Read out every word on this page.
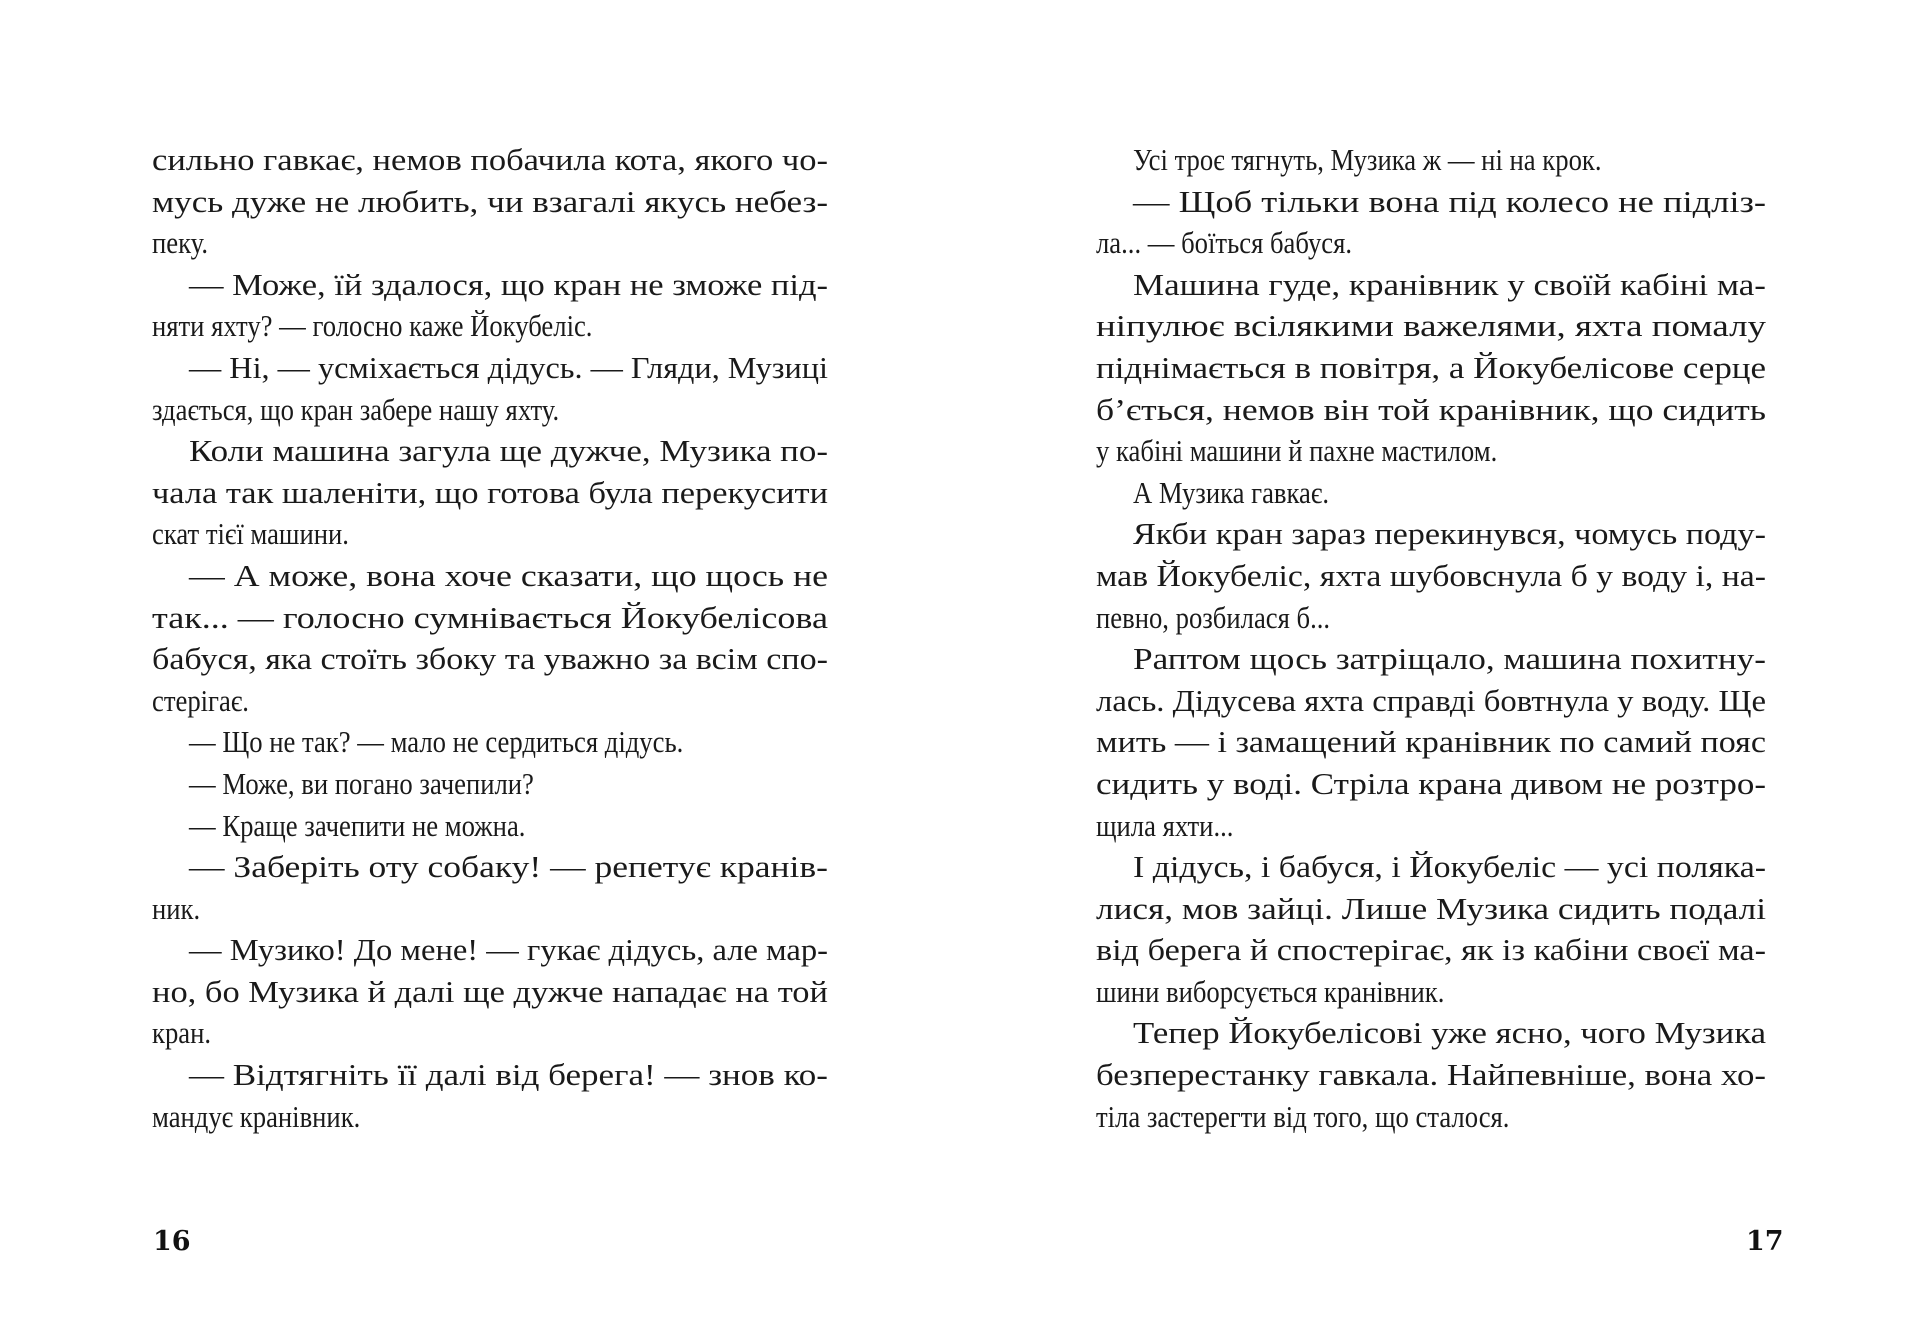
сильно гавкає, немов побачила кота, якого чо-
мусь дуже не любить, чи взагалі якусь небез-
пеку.
— Може, їй здалося, що кран не зможе під-
няти яхту? — голосно каже Йокубеліс.
— Ні, — усміхається дідусь. — Гляди, Музиці
здається, що кран забере нашу яхту.
Коли машина загула ще дужче, Музика по-
чала так шаленіти, що готова була перекусити
скат тієї машини.
— А може, вона хоче сказати, що щось не
так... — голосно сумнівається Йокубелісова
бабуся, яка стоїть збоку та уважно за всім спо-
стерігає.
— Що не так? — мало не сердиться дідусь.
— Може, ви погано зачепили?
— Краще зачепити не можна.
— Заберіть оту собаку! — репетує кранів-
ник.
— Музико! До мене! — гукає дідусь, але мар-
но, бо Музика й далі ще дужче нападає на той
кран.
— Відтягніть її далі від берега! — знов ко-
мандує кранівник.
16
Усі троє тягнуть, Музика ж — ні на крок.
— Щоб тільки вона під колесо не підліз-
ла... — боїться бабуся.
Машина гуде, кранівник у своїй кабіні ма-
ніпулює всілякими важелями, яхта помалу
піднімається в повітря, а Йокубелісове серце
б’ється, немов він той кранівник, що сидить
у кабіні машини й пахне мастилом.
А Музика гавкає.
Якби кран зараз перекинувся, чомусь поду-
мав Йокубеліс, яхта шубовснула б у воду і, на-
певно, розбилася б...
Раптом щось затріщало, машина похитну-
лась. Дідусева яхта справді бовтнула у воду. Ще
мить — і замащений кранівник по самий пояс
сидить у воді. Стріла крана дивом не розтро-
щила яхти...
І дідусь, і бабуся, і Йокубеліс — усі поляка-
лися, мов зайці. Лише Музика сидить подалі
від берега й спостерігає, як із кабіни своєї ма-
шини виборсується кранівник.
Тепер Йокубелісові уже ясно, чого Музика
безперестанку гавкала. Найпевніше, вона хо-
тіла застерегти від того, що сталося.
17
